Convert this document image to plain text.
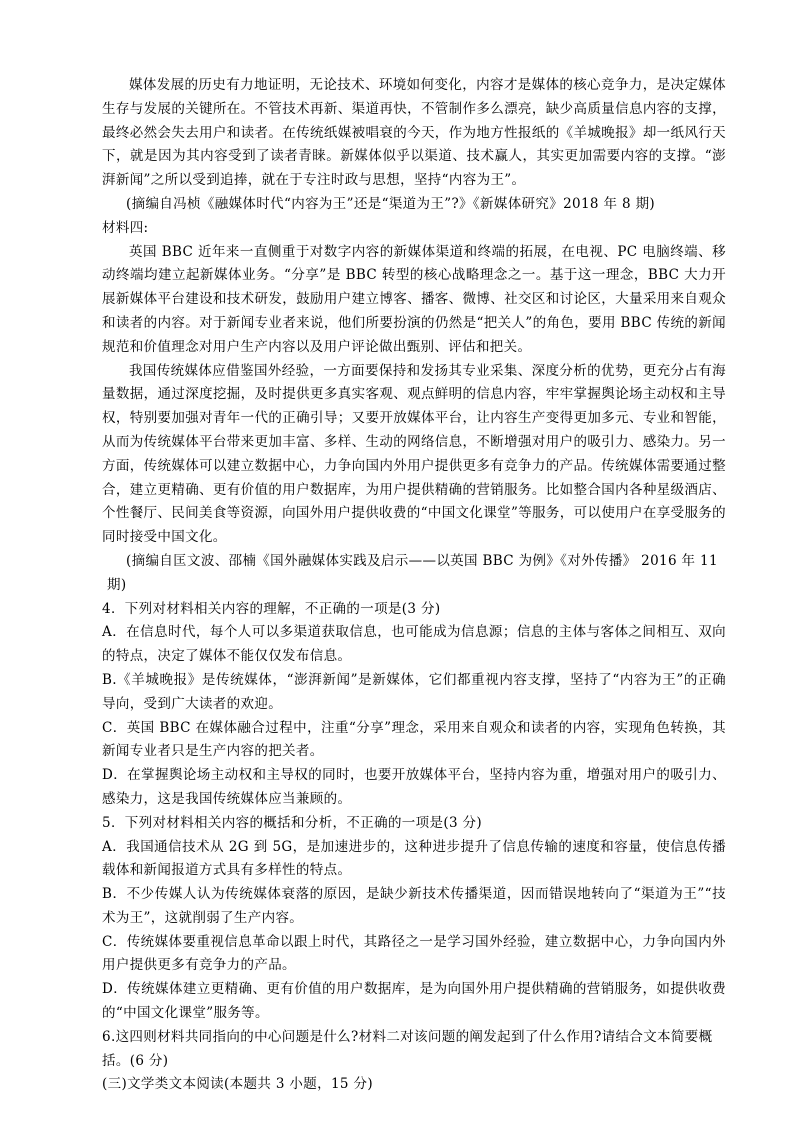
媒体发展的历史有力地证明，无论技术、环境如何变化，内容才是媒体的核心竞争力，是决定媒体生存与发展的关键所在。不管技术再新、渠道再快，不管制作多么漂亮，缺少高质量信息内容的支撑，最终必然会失去用户和读者。在传统纸媒被唱衰的今天，作为地方性报纸的《羊城晚报》却一纸风行天下，就是因为其内容受到了读者青睐。新媒体似乎以渠道、技术赢人，其实更加需要内容的支撑。“澎湃新闻”之所以受到追捧，就在于专注时政与思想，坚持“内容为王”。

(摘编自冯桢《融媒体时代“内容为王”还是“渠道为王”?》《新媒体研究》2018 年 8 期)

材料四:

英国 BBC 近年来一直侧重于对数字内容的新媒体渠道和终端的拓展，在电视、PC 电脑终端、移动终端均建立起新媒体业务。“分享”是 BBC 转型的核心战略理念之一。基于这一理念，BBC 大力开展新媒体平台建设和技术研发，鼓励用户建立博客、播客、微博、社交区和讨论区，大量采用来自观众和读者的内容。对于新闻专业者来说，他们所要扮演的仍然是“把关人”的角色，要用 BBC 传统的新闻规范和价值理念对用户生产内容以及用户评论做出甄别、评估和把关。

我国传统媒体应借鉴国外经验，一方面要保持和发扬其专业采集、深度分析的优势，更充分占有海量数据，通过深度挖掘，及时提供更多真实客观、观点鲜明的信息内容，牢牢掌握舆论场主动权和主导权，特别要加强对青年一代的正确引导；又要开放媒体平台，让内容生产变得更加多元、专业和智能，从而为传统媒体平台带来更加丰富、多样、生动的网络信息，不断增强对用户的吸引力、感染力。另一方面，传统媒体可以建立数据中心，力争向国内外用户提供更多有竞争力的产品。传统媒体需要通过整合，建立更精确、更有价值的用户数据库，为用户提供精确的营销服务。比如整合国内各种星级酒店、个性餐厅、民间美食等资源，向国外用户提供收费的“中国文化课堂”等服务，可以使用户在享受服务的同时接受中国文化。

(摘编自匡文波、邵楠《国外融媒体实践及启示——以英国 BBC 为例》《对外传播》 2016 年 11 期)

4．下列对材料相关内容的理解，不正确的一项是(3 分)

A．在信息时代，每个人可以多渠道获取信息，也可能成为信息源；信息的主体与客体之间相互、双向的特点，决定了媒体不能仅仅发布信息。

B.《羊城晚报》是传统媒体，“澎湃新闻”是新媒体，它们都重视内容支撑，坚持了“内容为王”的正确导向，受到广大读者的欢迎。

C．英国 BBC 在媒体融合过程中，注重“分享”理念，采用来自观众和读者的内容，实现角色转换，其新闻专业者只是生产内容的把关者。

D．在掌握舆论场主动权和主导权的同时，也要开放媒体平台，坚持内容为重，增强对用户的吸引力、感染力，这是我国传统媒体应当兼顾的。

5．下列对材料相关内容的概括和分析，不正确的一项是(3 分)

A．我国通信技术从 2G 到 5G，是加速进步的，这种进步提升了信息传输的速度和容量，使信息传播载体和新闻报道方式具有多样性的特点。

B．不少传媒人认为传统媒体衰落的原因，是缺少新技术传播渠道，因而错误地转向了“渠道为王”“技术为王”，这就削弱了生产内容。

C．传统媒体要重视信息革命以跟上时代，其路径之一是学习国外经验，建立数据中心，力争向国内外用户提供更多有竞争力的产品。

D．传统媒体建立更精确、更有价值的用户数据库，是为向国外用户提供精确的营销服务，如提供收费的“中国文化课堂”服务等。

6.这四则材料共同指向的中心问题是什么?材料二对该问题的阐发起到了什么作用?请结合文本简要概括。(6 分)

(三)文学类文本阅读(本题共 3 小题，15 分)
